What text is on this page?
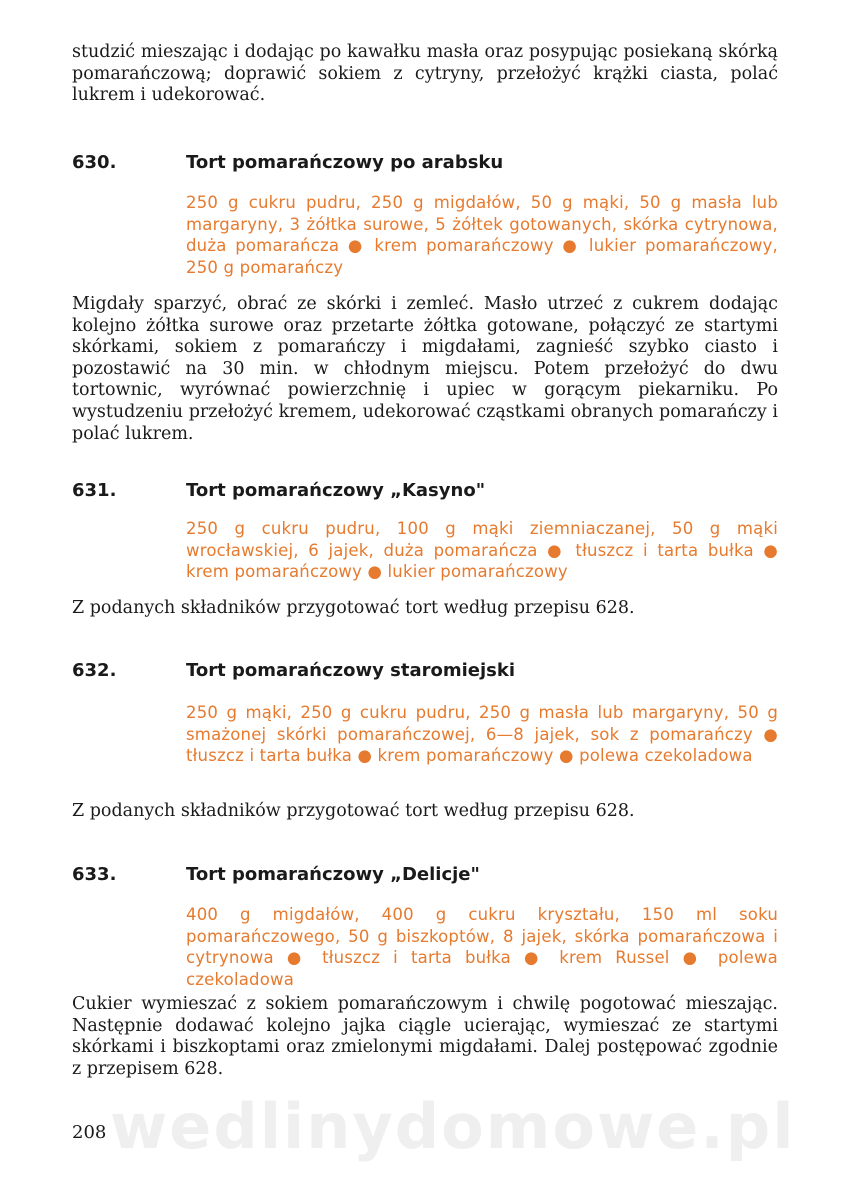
studzić mieszając i dodając po kawałku masła oraz posypując posiekaną skórką pomarańczową; doprawić sokiem z cytryny, przełożyć krążki ciasta, polać lukrem i udekorować.

630.	Tort pomarańczowy po arabsku

250 g cukru pudru, 250 g migdałów, 50 g mąki, 50 g masła lub margaryny, 3 żółtka surowe, 5 żółtek gotowanych, skórka cytrynowa, duża pomarańcza ● krem pomarańczowy ● lukier pomarańczowy, 250 g pomarańczy

Migdały sparzyć, obrać ze skórki i zemleć. Masło utrzeć z cukrem dodając kolejno żółtka surowe oraz przetarte żółtka gotowane, połączyć ze startymi skórkami, sokiem z pomarańczy i migdałami, zagnieść szybko ciasto i pozostawić na 30 min. w chłodnym miejscu. Potem przełożyć do dwu tortownic, wyrównać powierzchnię i upiec w gorącym piekarniku. Po wystudzeniu przełożyć kremem, udekorować cząstkami obranych pomarańczy i polać lukrem.

631.	Tort pomarańczowy „Kasyno"

250 g cukru pudru, 100 g mąki ziemniaczanej, 50 g mąki wrocławskiej, 6 jajek, duża pomarańcza ● tłuszcz i tarta bułka ● krem pomarańczowy ● lukier pomarańczowy

Z podanych składników przygotować tort według przepisu 628.

632.	Tort pomarańczowy staromiejski

250 g mąki, 250 g cukru pudru, 250 g masła lub margaryny, 50 g smażonej skórki pomarańczowej, 6—8 jajek, sok z pomarańczy ● tłuszcz i tarta bułka ● krem pomarańczowy ● polewa czekoladowa

Z podanych składników przygotować tort według przepisu 628.

633.	Tort pomarańczowy „Delicje"

400 g migdałów, 400 g cukru kryształu, 150 ml soku pomarańczowego, 50 g biszkoptów, 8 jajek, skórka pomarańczowa i cytrynowa ● tłuszcz i tarta bułka ● krem Russel ● polewa czekoladowa

Cukier wymieszać z sokiem pomarańczowym i chwilę pogotować mieszając. Następnie dodawać kolejno jajka ciągle ucierając, wymieszać ze startymi skórkami i biszkoptami oraz zmielonymi migdałami. Dalej postępować zgodnie z przepisem 628.

wedlinydomowe.pl
208
